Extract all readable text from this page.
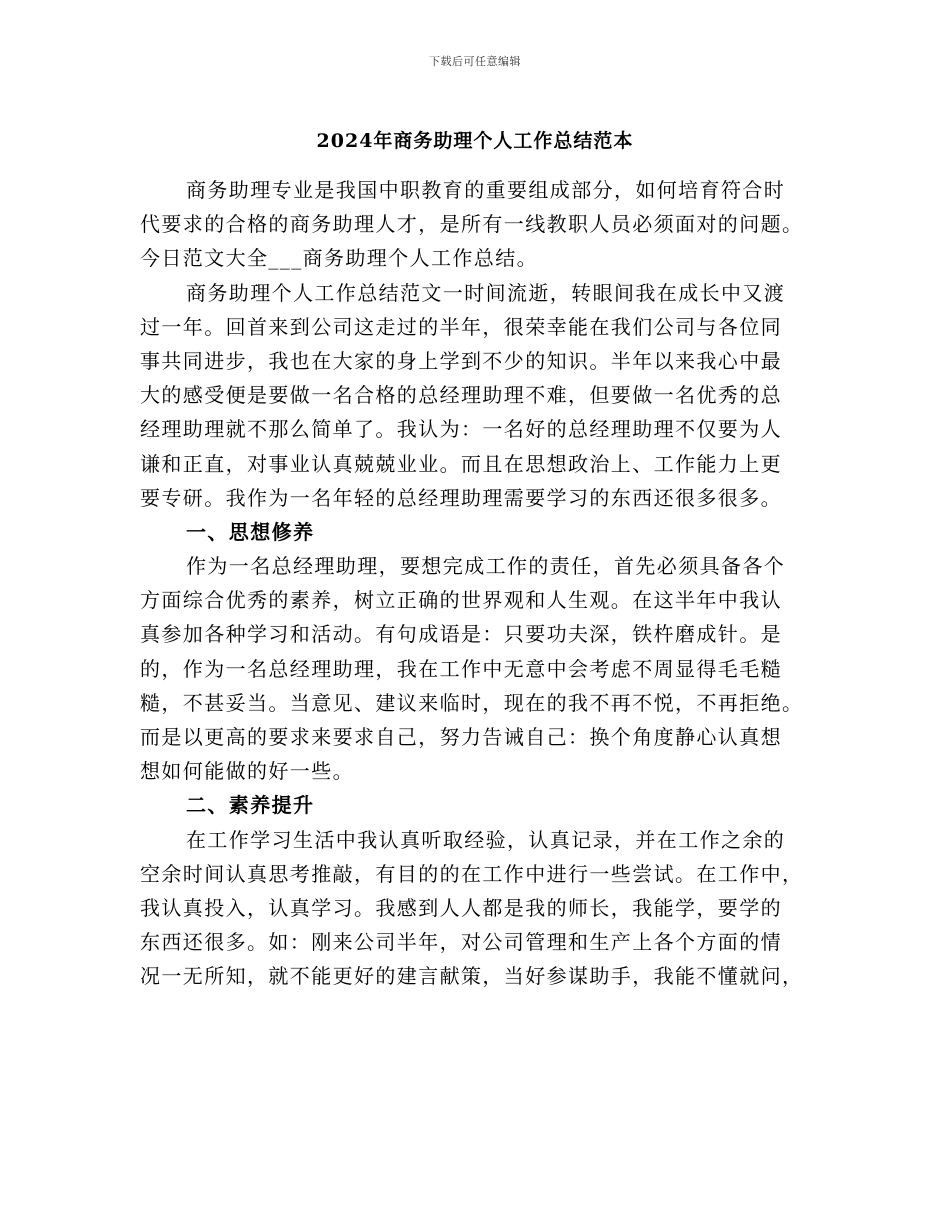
下载后可任意编辑
2024年商务助理个人工作总结范本
商务助理专业是我国中职教育的重要组成部分，如何培育符合时
代要求的合格的商务助理人才，是所有一线教职人员必须面对的问题。
今日范文大全___商务助理个人工作总结。
商务助理个人工作总结范文一时间流逝，转眼间我在成长中又渡
过一年。回首来到公司这走过的半年，很荣幸能在我们公司与各位同
事共同进步，我也在大家的身上学到不少的知识。半年以来我心中最
大的感受便是要做一名合格的总经理助理不难，但要做一名优秀的总
经理助理就不那么简单了。我认为：一名好的总经理助理不仅要为人
谦和正直，对事业认真兢兢业业。而且在思想政治上、工作能力上更
要专研。我作为一名年轻的总经理助理需要学习的东西还很多很多。
一、思想修养
作为一名总经理助理，要想完成工作的责任，首先必须具备各个
方面综合优秀的素养，树立正确的世界观和人生观。在这半年中我认
真参加各种学习和活动。有句成语是：只要功夫深，铁杵磨成针。是
的，作为一名总经理助理，我在工作中无意中会考虑不周显得毛毛糙
糙，不甚妥当。当意见、建议来临时，现在的我不再不悦，不再拒绝。
而是以更高的要求来要求自己，努力告诫自己：换个角度静心认真想
想如何能做的好一些。
二、素养提升
在工作学习生活中我认真听取经验，认真记录，并在工作之余的
空余时间认真思考推敲，有目的的在工作中进行一些尝试。在工作中，
我认真投入，认真学习。我感到人人都是我的师长，我能学，要学的
东西还很多。如：刚来公司半年，对公司管理和生产上各个方面的情
况一无所知，就不能更好的建言献策，当好参谋助手，我能不懂就问，
